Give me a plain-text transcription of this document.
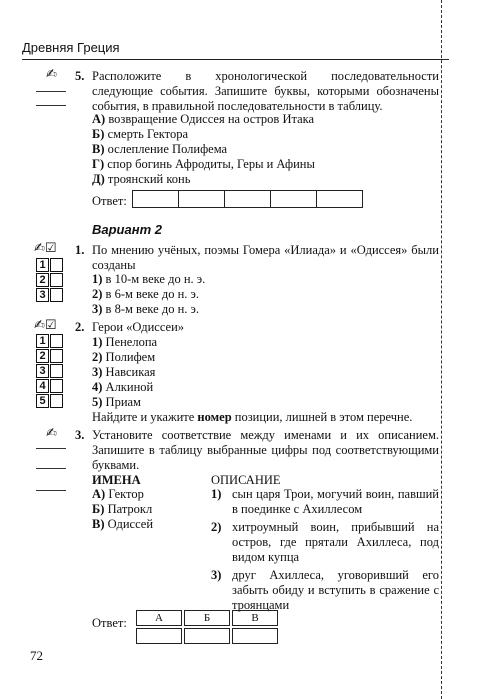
Древняя Греция
✍ 5. Расположите в хронологической последовательности следующие события. Запишите буквы, которыми обозначены события, в правильной последовательности в таблицу.
А) возвращение Одиссея на остров Итака
Б) смерть Гектора
В) ослепление Полифема
Г) спор богинь Афродиты, Геры и Афины
Д) троянский конь
Ответ:

Вариант 2
✍☑
1
2
3
1. По мнению учёных, поэмы Гомера «Илиада» и «Одиссея» были созданы
1) в 10-м веке до н. э.
2) в 6-м веке до н. э.
3) в 8-м веке до н. э.
✍☑
1
2
3
4
5
2. Герои «Одиссеи»
1) Пенелопа
2) Полифем
3) Навсикая
4) Алкиной
5) Приам
Найдите и укажите номер позиции, лишней в этом перечне.
✍ 3. Установите соответствие между именами и их описанием. Запишите в таблицу выбранные цифры под соответствующими буквами.
ИМЕНА	ОПИСАНИЕ
А) Гектор
Б) Патрокл
В) Одиссей
1) сын царя Трои, могучий воин, павший в поединке с Ахиллесом
2) хитроумный воин, прибывший на остров, где прятали Ахиллеса, под видом купца
3) друг Ахиллеса, уговоривший его забыть обиду и вступить в сражение с троянцами
Ответ:	А	Б	В

72
